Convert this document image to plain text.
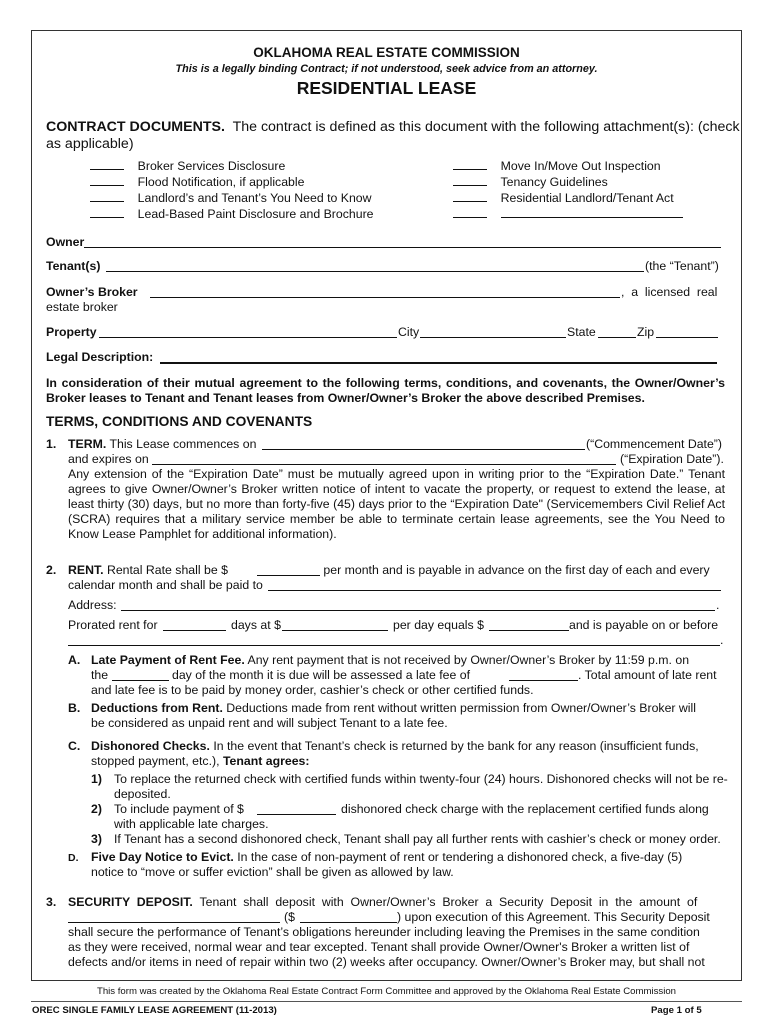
OKLAHOMA REAL ESTATE COMMISSION
This is a legally binding Contract; if not understood, seek advice from an attorney.
RESIDENTIAL LEASE
CONTRACT DOCUMENTS. The contract is defined as this document with the following attachment(s): (check
as applicable)
Broker Services Disclosure
Flood Notification, if applicable
Landlord’s and Tenant’s You Need to Know
Lead-Based Paint Disclosure and Brochure
Move In/Move Out Inspection
Tenancy Guidelines
Residential Landlord/Tenant Act

Owner
Tenant(s)	(the “Tenant”)
Owner’s Broker	,  a  licensed  real
estate broker
Property	City	State	Zip
Legal Description:
In consideration of their mutual agreement to the following terms, conditions, and covenants, the Owner/Owner’s Broker leases to Tenant and Tenant leases from Owner/Owner’s Broker the above described Premises.
TERMS, CONDITIONS AND COVENANTS
1. TERM. This Lease commences on	(“Commencement Date”)
and expires on	(“Expiration Date”).
Any extension of the “Expiration Date” must be mutually agreed upon in writing prior to the “Expiration Date.” Tenant agrees to give Owner/Owner’s Broker written notice of intent to vacate the property, or request to extend the lease, at least thirty (30) days, but no more than forty-five (45) days prior to the “Expiration Date" (Servicemembers Civil Relief Act (SCRA) requires that a military service member be able to terminate certain lease agreements, see the You Need to Know Lease Pamphlet for additional information).
2. RENT. Rental Rate shall be $	per month and is payable in advance on the first day of each and every
calendar month and shall be paid to
Address:	.
Prorated rent for	days at $	per day equals $	and is payable on or before
.
A. Late Payment of Rent Fee. Any rent payment that is not received by Owner/Owner’s Broker by 11:59 p.m. on
the	day of the month it is due will be assessed a late fee of	. Total amount of late rent
and late fee is to be paid by money order, cashier’s check or other certified funds.
B. Deductions from Rent. Deductions made from rent without written permission from Owner/Owner’s Broker will
be considered as unpaid rent and will subject Tenant to a late fee.
C. Dishonored Checks. In the event that Tenant’s check is returned by the bank for any reason (insufficient funds,
stopped payment, etc.), Tenant agrees:
1) To replace the returned check with certified funds within twenty-four (24) hours. Dishonored checks will not be re-
deposited.
2) To include payment of $	dishonored check charge with the replacement certified funds along
with applicable late charges.
3) If Tenant has a second dishonored check, Tenant shall pay all further rents with cashier’s check or money order.
D. Five Day Notice to Evict. In the case of non-payment of rent or tendering a dishonored check, a five-day (5)
notice to “move or suffer eviction” shall be given as allowed by law.
3. SECURITY  DEPOSIT. Tenant  shall  deposit  with  Owner/Owner’s  Broker  a  Security  Deposit  in  the  amount  of
($	) upon execution of this Agreement. This Security Deposit
shall secure the performance of Tenant’s obligations hereunder including leaving the Premises in the same condition
as they were received, normal wear and tear excepted. Tenant shall provide Owner/Owner's Broker a written list of
defects and/or items in need of repair within two (2) weeks after occupancy. Owner/Owner’s Broker may, but shall not
This form was created by the Oklahoma Real Estate Contract Form Committee and approved by the Oklahoma Real Estate Commission
OREC SINGLE FAMILY LEASE AGREEMENT (11-2013)	Page 1 of 5
